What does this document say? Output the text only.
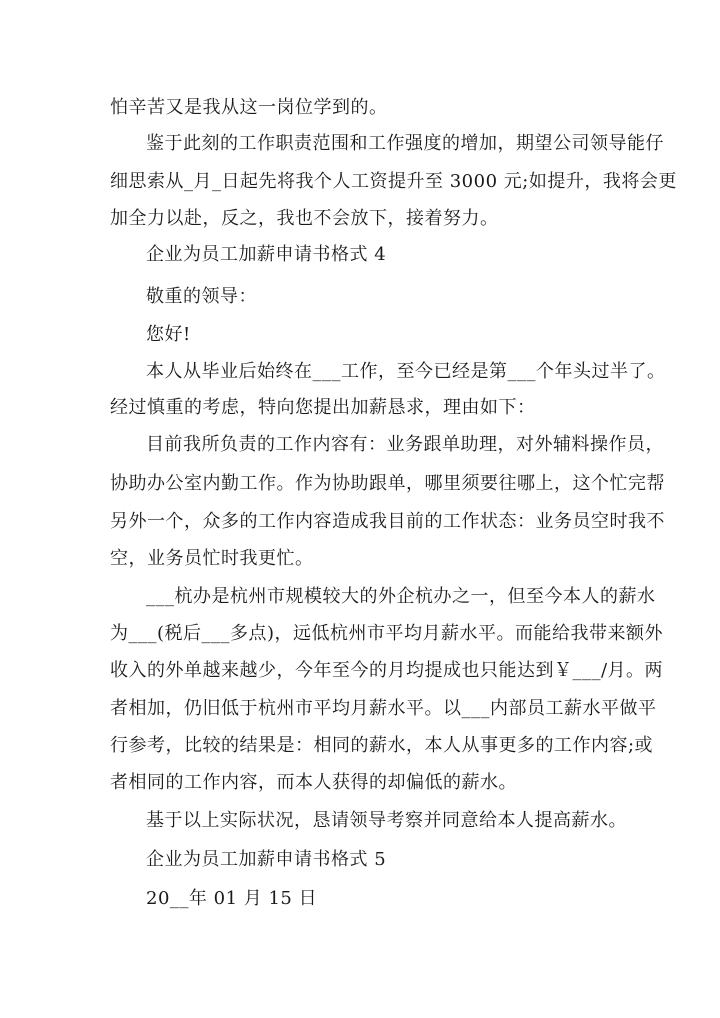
怕辛苦又是我从这一岗位学到的。
鉴于此刻的工作职责范围和工作强度的增加，期望公司领导能仔
细思索从_月_日起先将我个人工资提升至 3000 元;如提升，我将会更
加全力以赴，反之，我也不会放下，接着努力。
企业为员工加薪申请书格式 4
敬重的领导：
您好!
本人从毕业后始终在___工作，至今已经是第___个年头过半了。
经过慎重的考虑，特向您提出加薪恳求，理由如下：
目前我所负责的工作内容有：业务跟单助理，对外辅料操作员，
协助办公室内勤工作。作为协助跟单，哪里须要往哪上，这个忙完帮
另外一个，众多的工作内容造成我目前的工作状态：业务员空时我不
空，业务员忙时我更忙。
___杭办是杭州市规模较大的外企杭办之一，但至今本人的薪水
为___(税后___多点)，远低杭州市平均月薪水平。而能给我带来额外
收入的外单越来越少，今年至今的月均提成也只能达到￥___/月。两
者相加，仍旧低于杭州市平均月薪水平。以___内部员工薪水平做平
行参考，比较的结果是：相同的薪水，本人从事更多的工作内容;或
者相同的工作内容，而本人获得的却偏低的薪水。
基于以上实际状况，恳请领导考察并同意给本人提高薪水。
企业为员工加薪申请书格式 5
20__年 01 月 15 日
